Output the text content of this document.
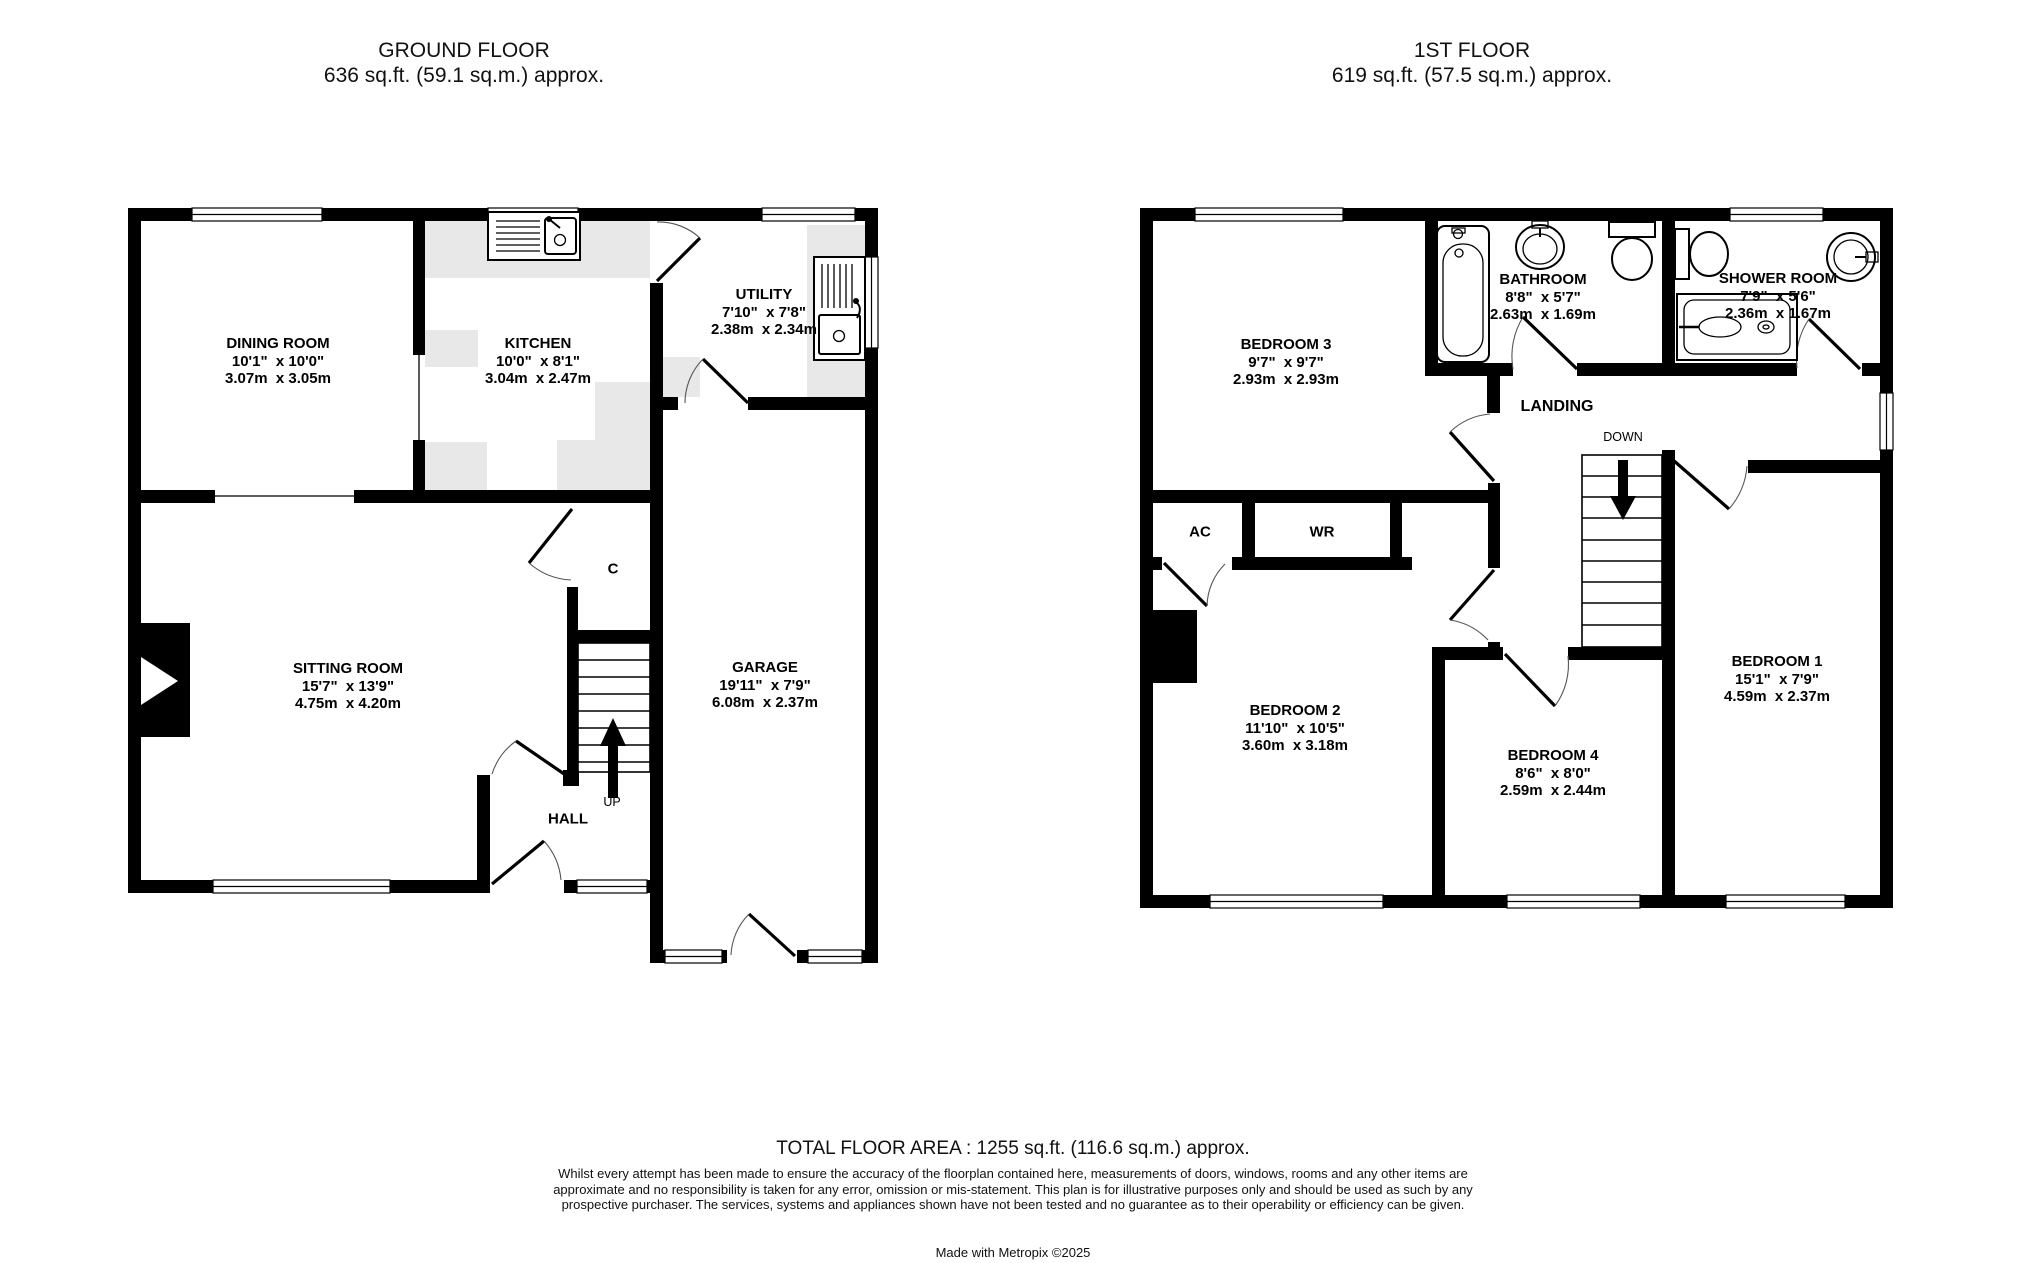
GROUND FLOOR
636 sq.ft. (59.1 sq.m.) approx.
1ST FLOOR
619 sq.ft. (57.5 sq.m.) approx.
DINING ROOM
10'1"  x 10'0"
3.07m  x 3.05m
KITCHEN
10'0"  x 8'1"
3.04m  x 2.47m
UTILITY
7'10"  x 7'8"
2.38m  x 2.34m
SITTING ROOM
15'7"  x 13'9"
4.75m  x 4.20m
GARAGE
19'11"  x 7'9"
6.08m  x 2.37m
HALL
C
UP
BEDROOM 3
9'7"  x 9'7"
2.93m  x 2.93m
BATHROOM
8'8"  x 5'7"
2.63m  x 1.69m
SHOWER ROOM
7'9"  x 5'6"
2.36m  x 1.67m
BEDROOM 2
11'10"  x 10'5"
3.60m  x 3.18m
BEDROOM 4
8'6"  x 8'0"
2.59m  x 2.44m
BEDROOM 1
15'1"  x 7'9"
4.59m  x 2.37m
LANDING
DOWN
AC	WR
TOTAL FLOOR AREA : 1255 sq.ft. (116.6 sq.m.) approx.
Whilst every attempt has been made to ensure the accuracy of the floorplan contained here, measurements of doors, windows, rooms and any other items are approximate and no responsibility is taken for any error, omission or mis-statement. This plan is for illustrative purposes only and should be used as such by any prospective purchaser. The services, systems and appliances shown have not been tested and no guarantee as to their operability or efficiency can be given.
Made with Metropix ©2025
